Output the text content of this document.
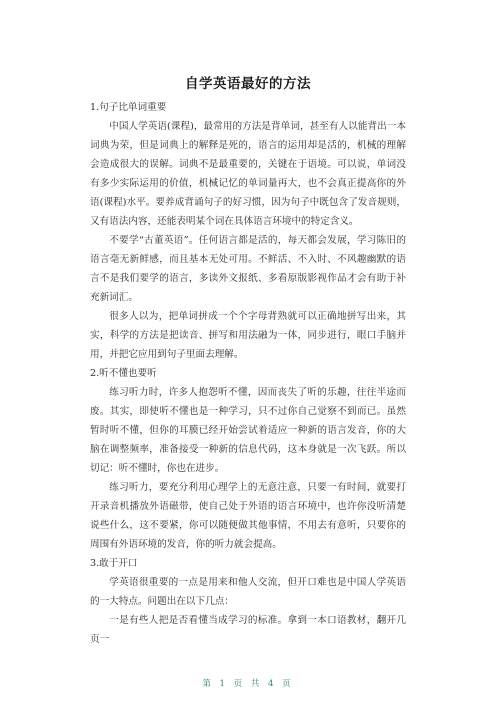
自学英语最好的方法

1.句子比单词重要

中国人学英语(课程)，最常用的方法是背单词，甚至有人以能背出一本词典为荣，但是词典上的解释是死的，语言的运用却是活的，机械的理解会造成很大的误解。词典不是最重要的，关键在于语境。可以说，单词没有多少实际运用的价值，机械记忆的单词量再大，也不会真正提高你的外语(课程)水平。要养成背诵句子的好习惯，因为句子中既包含了发音规则，又有语法内容，还能表明某个词在具体语言环境中的特定含义。

不要学“古董英语”。任何语言都是活的，每天都会发展，学习陈旧的语言毫无新鲜感，而且基本无处可用。不鲜活、不入时、不风趣幽默的语言不是我们要学的语言，多读外文报纸、多看原版影视作品才会有助于补充新词汇。

很多人以为，把单词拼成一个个字母背熟就可以正确地拼写出来，其实，科学的方法是把读音、拼写和用法融为一体，同步进行，眼口手脑并用，并把它应用到句子里面去理解。

2.听不懂也要听

练习听力时，许多人抱怨听不懂，因而丧失了听的乐趣，往往半途而废。其实，即使听不懂也是一种学习，只不过你自己觉察不到而已。虽然暂时听不懂，但你的耳膜已经开始尝试着适应一种新的语言发音，你的大脑在调整频率，准备接受一种新的信息代码，这本身就是一次飞跃。所以切记：听不懂时，你也在进步。

练习听力，要充分利用心理学上的无意注意，只要一有时间，就要打开录音机播放外语磁带，使自己处于外语的语言环境中，也许你没听清楚说些什么，这不要紧，你可以随便做其他事情，不用去有意听，只要你的周围有外语环境的发音，你的听力就会提高。

3.敢于开口

学英语很重要的一点是用来和他人交流，但开口难也是中国人学英语的一大特点。问题出在以下几点：

一是有些人把是否看懂当成学习的标准。拿到一本口语教材，翻开几页一

第 1 页 共 4 页
